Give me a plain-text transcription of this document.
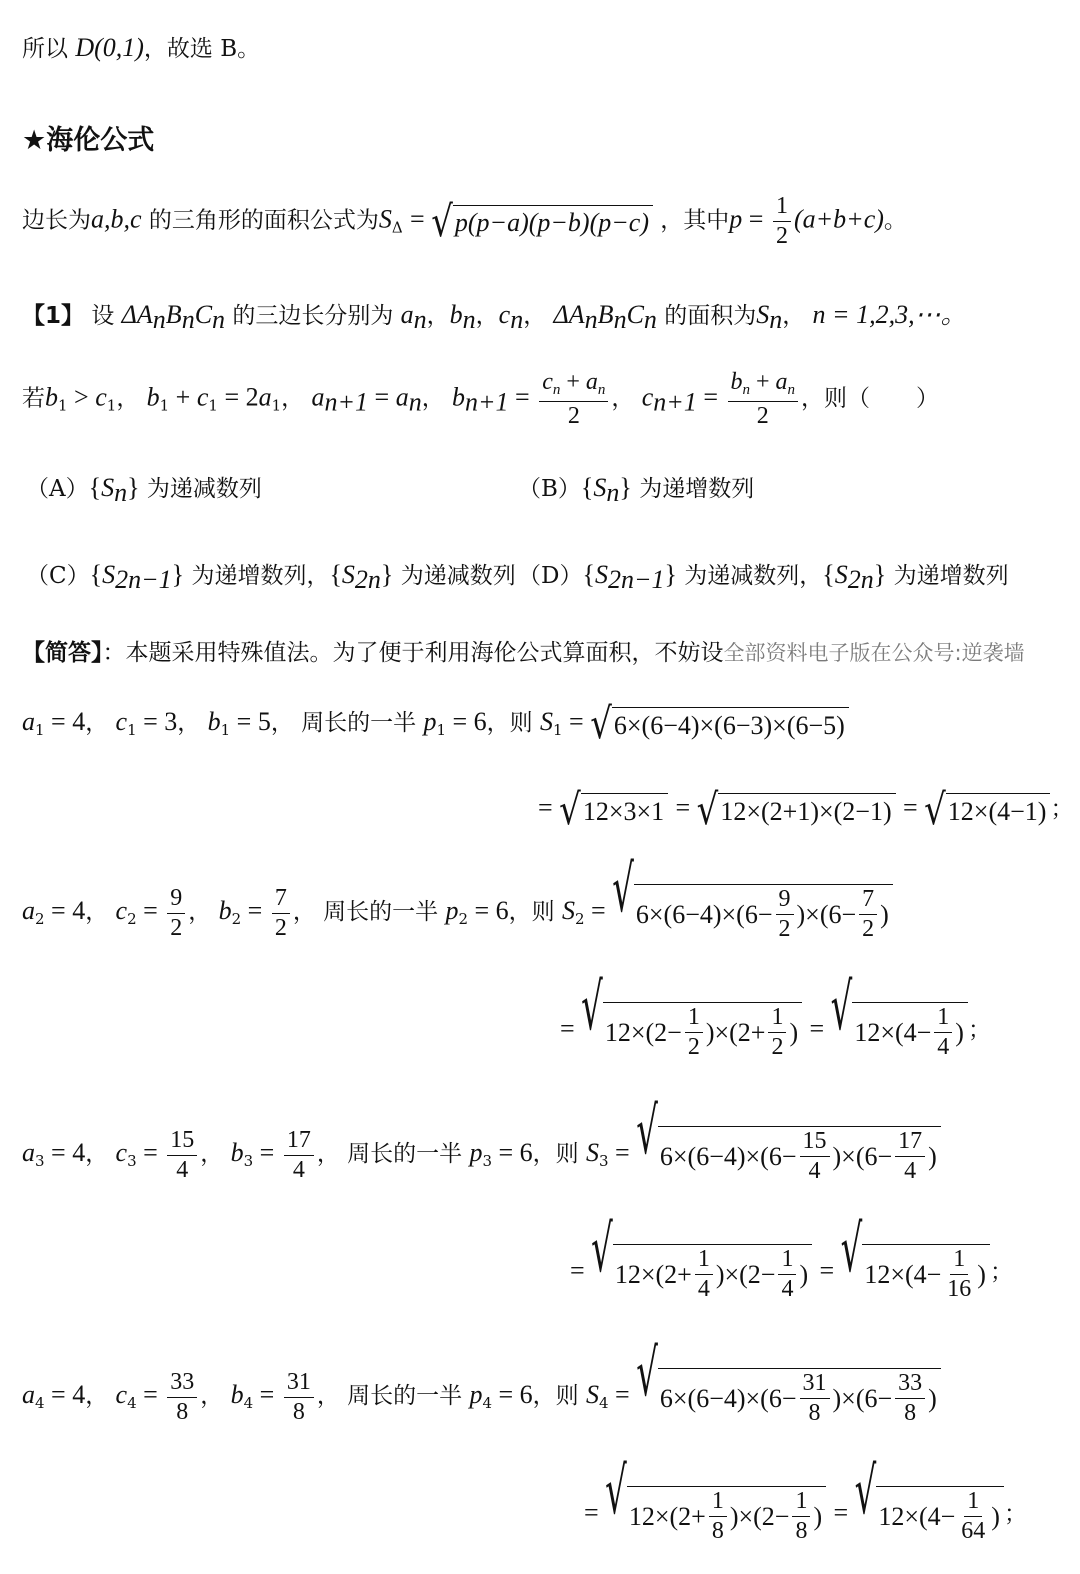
所以 D(0,1)，故选 B。
★海伦公式
边长为a,b,c 的三角形的面积公式为$S_\Delta$ = √ p(p−a)(p−b)(p−c) ，其中$p = \frac{1}{2} (a+b+c)$。
【1】 设 $\Delta A_nB_nC_n$ 的三边长分别为 $a_n$，$b_n$，$c_n$， $\Delta A_nB_nC_n$ 的面积为$S_n$， n = 1,2,3,⋯。
若$b_1 > c_1$， $b_1 + c_1 = 2a_1$， $a_{n+1} = a_n$， $b_{n+1} = \frac{c_n + a_n}{2}$ ， $c_{n+1} = \frac{b_n + a_n}{2}$ ，则（　　）
$(A)\{S_n\}$ 为递减数列	$(B)\{S_n\}$ 为递增数列
$(C)\{S_{2n-1}\}$ 为递增数列，$\{S_{2n}\}$ 为递减数列 $(D)\{S_{2n-1}\}$ 为递减数列，$\{S_{2n}\}$ 为递增数列
【简答】：本题采用特殊值法。为了便于利用海伦公式算面积，不妨设全部资料电子版在公众号:逆袭墙
$a_1 = 4$， $c_1 = 3$， $b_1 = 5$， 周长的一半 $p_1 = 6$，则 $S_1$ = √ 6×(6−4)×(6−3)×(6−5)
= √ 12×3×1 = √ 12×(2+1)×(2−1) = √ 12×(4−1) ；
$a_2 = 4$， $c_2 = \frac{9}{2}$ ， $b_2 = \frac{7}{2}$ ， 周长的一半 $p_2 = 6$，则 $S_2$ = √ $6\times(6-4)\times(6- \frac{9}{2} )\times(6- \frac{7}{2}$ )
= √ $12\times(2- \frac{1}{2} )\times(2+ \frac{1}{2}$ ) = √ $12\times(4- \frac{1}{4}$ ) ；
$a_3 = 4$， $c_3 = \frac{15}{4}$ ， $b_3 = \frac{17}{4}$ ， 周长的一半 $p_3 = 6$，则 $S_3$ = √ $6\times(6-4)\times(6- \frac{15}{4} )\times(6- \frac{17}{4}$ )
= √ $12\times(2+ \frac{1}{4} )\times(2- \frac{1}{4}$ ) = √ $12\times(4- \frac{1}{16}$ ) ；
$a_4 = 4$， $c_4 = \frac{33}{8}$ ， $b_4 = \frac{31}{8}$ ， 周长的一半 $p_4 = 6$，则 $S_4$ = √ $6\times(6-4)\times(6- \frac{31}{8} )\times(6- \frac{33}{8}$ )
= √ $12\times(2+ \frac{1}{8} )\times(2- \frac{1}{8}$ ) = √ $12\times(4- \frac{1}{64}$ ) ；
